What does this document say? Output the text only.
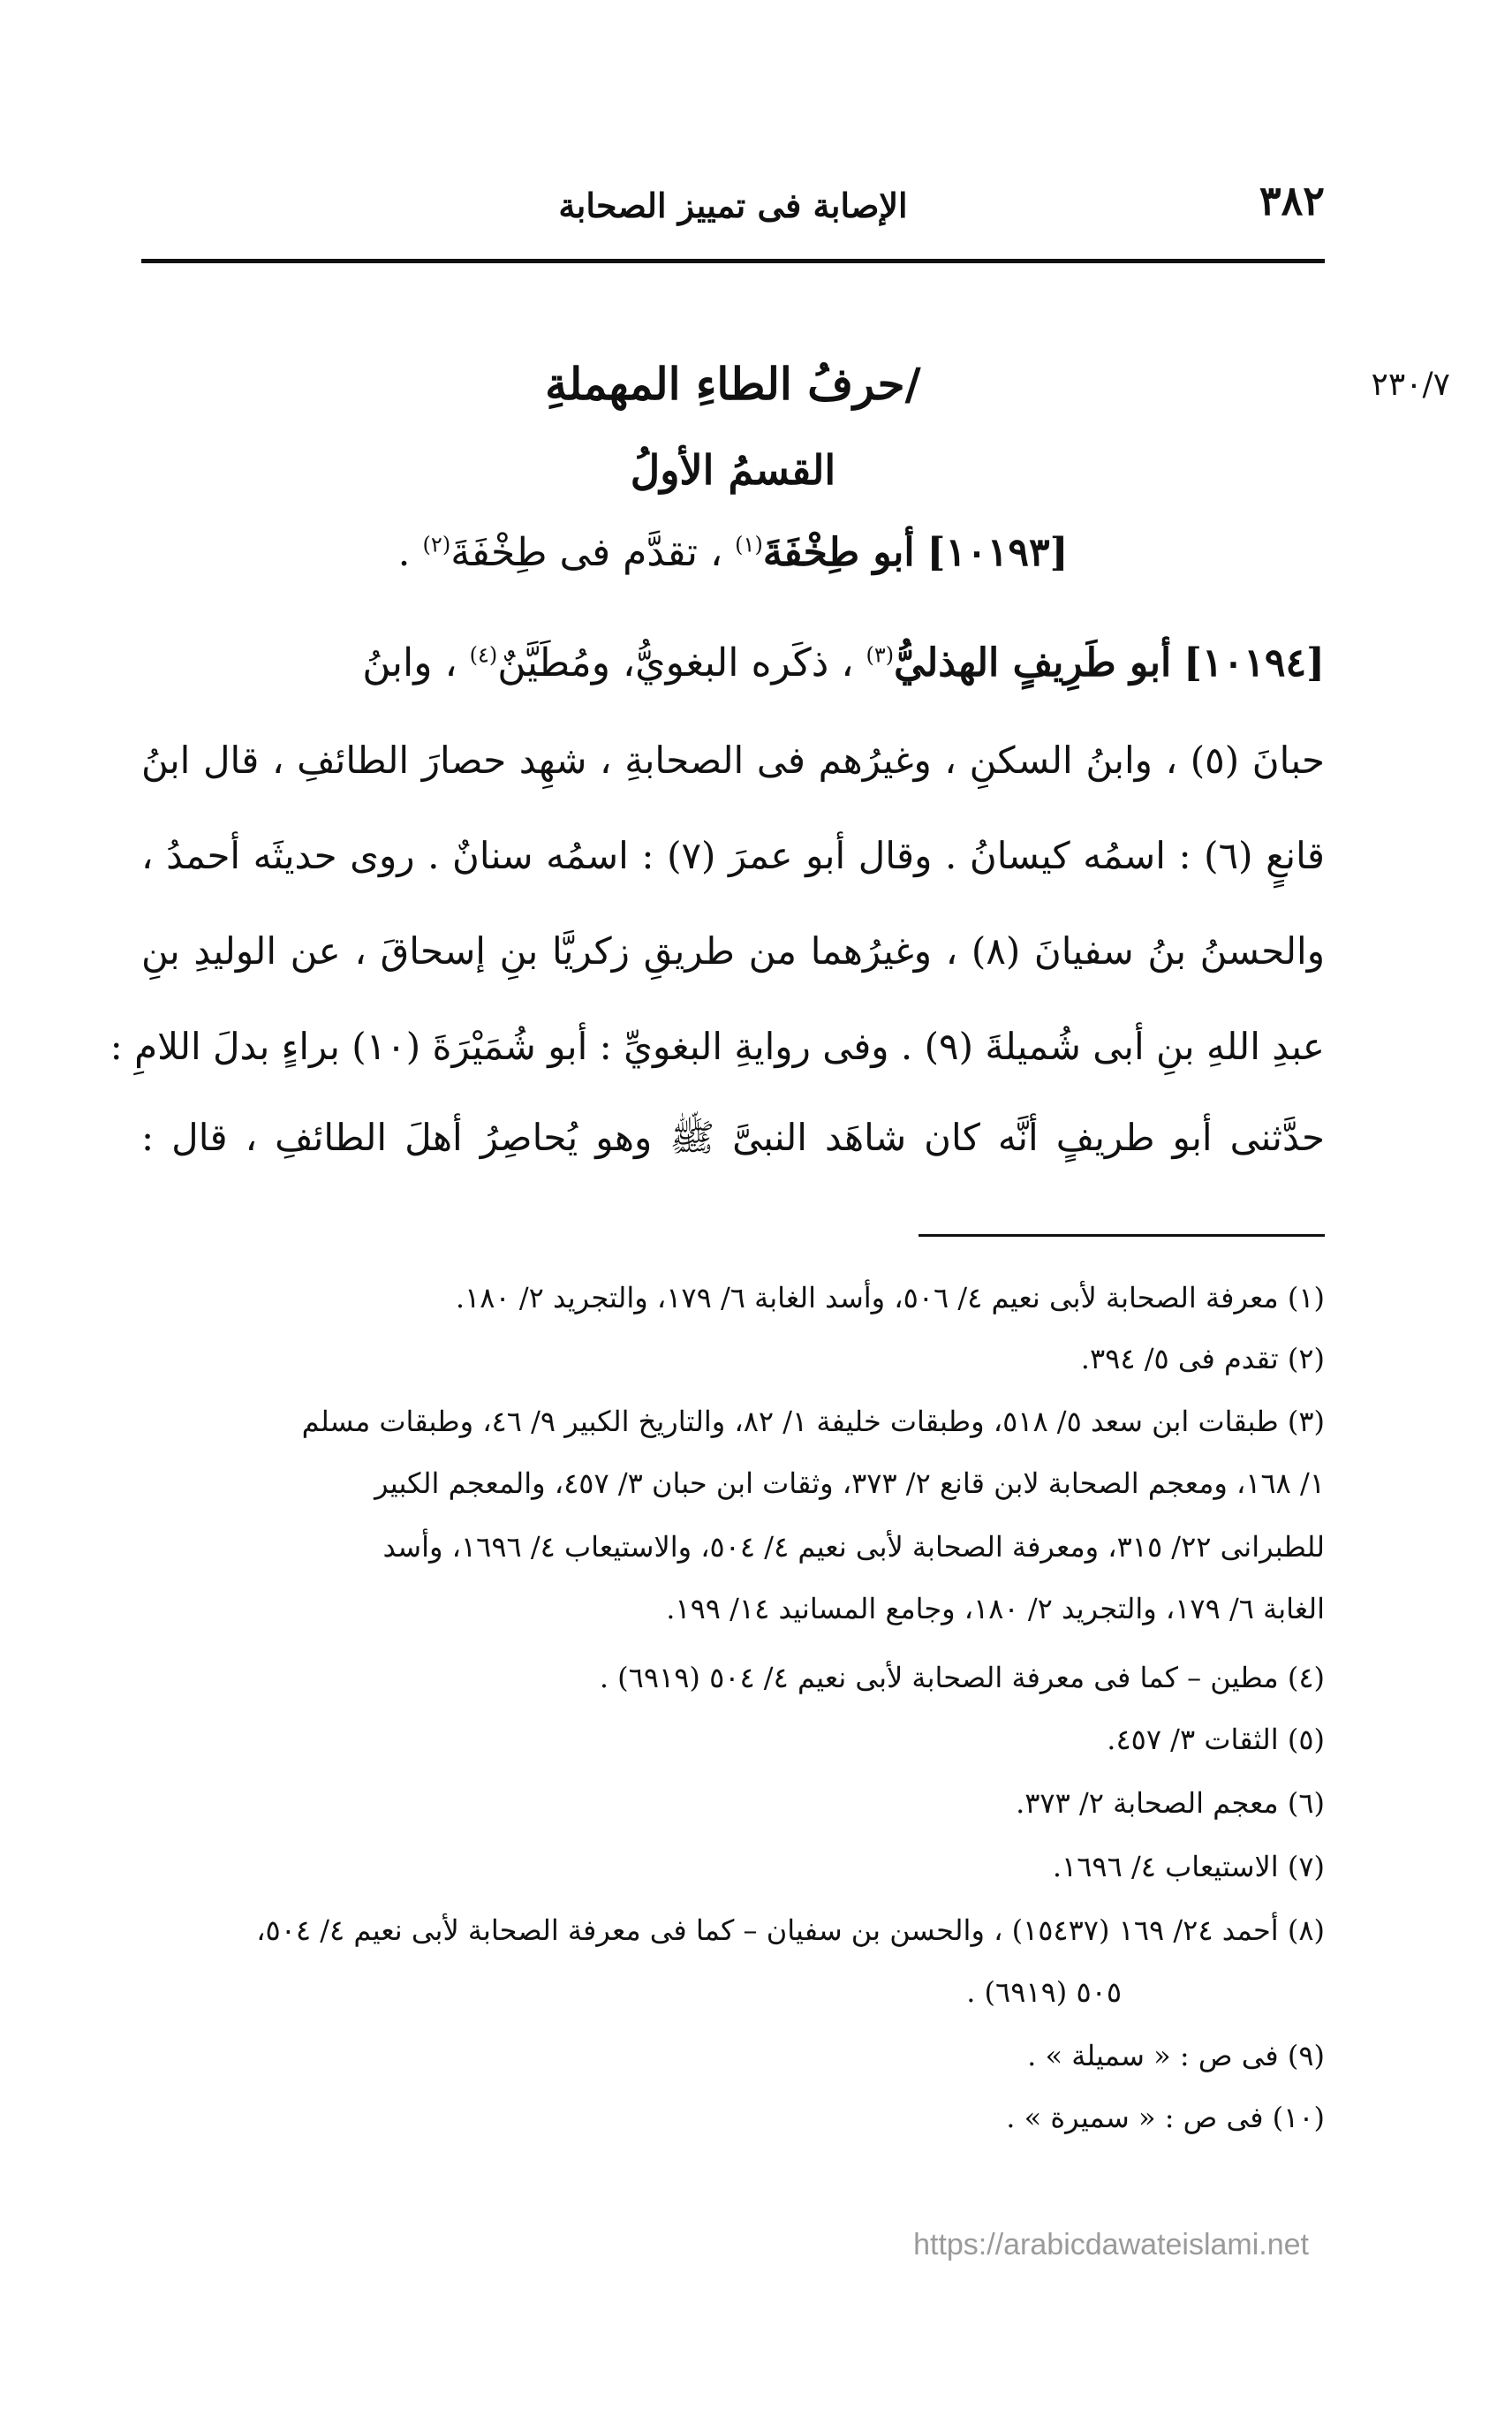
٣٨٢
الإصابة فى تمييز الصحابة
٢٣٠/٧
/حرفُ الطاءِ المهملةِ
القسمُ الأولُ
[١٠١٩٣] أبو طِخْفَةَ$^{(١)}$ ، تقدَّم فى طِخْفَةَ$^{(٢)}$ .
[١٠١٩٤] أبو طَرِيفٍ الهذليُّ$^{(٣)}$ ، ذكَره البغويُّ، ومُطَيَّنٌ$^{(٤)}$ ، وابنُ
حبانَ (٥) ، وابنُ السكنِ ، وغيرُهم فى الصحابةِ ، شهِد حصارَ الطائفِ ، قال ابنُ
قانعٍ (٦) : اسمُه كيسانُ . وقال أبو عمرَ (٧) : اسمُه سنانٌ . روى حديثَه أحمدُ ،
والحسنُ بنُ سفيانَ (٨) ، وغيرُهما من طريقِ زكريَّا بنِ إسحاقَ ، عن الوليدِ بنِ
عبدِ اللهِ بنِ أبى شُميلةَ (٩) . وفى روايةِ البغويِّ : أبو شُمَيْرَةَ (١٠) براءٍ بدلَ اللامِ :
حدَّثنى أبو طريفٍ أنَّه كان شاهَد النبىَّ ﷺ وهو يُحاصِرُ أهلَ الطائفِ ، قال :
(١) معرفة الصحابة لأبى نعيم ٤/ ٥٠٦، وأسد الغابة ٦/ ١٧٩، والتجريد ٢/ ١٨٠.
(٢) تقدم فى ٥/ ٣٩٤.
(٣) طبقات ابن سعد ٥/ ٥١٨، وطبقات خليفة ١/ ٨٢، والتاريخ الكبير ٩/ ٤٦، وطبقات مسلم
١/ ١٦٨، ومعجم الصحابة لابن قانع ٢/ ٣٧٣، وثقات ابن حبان ٣/ ٤٥٧، والمعجم الكبير
للطبرانى ٢٢/ ٣١٥، ومعرفة الصحابة لأبى نعيم ٤/ ٥٠٤، والاستيعاب ٤/ ١٦٩٦، وأسد
الغابة ٦/ ١٧٩، والتجريد ٢/ ١٨٠، وجامع المسانيد ١٤/ ١٩٩.
(٤) مطين – كما فى معرفة الصحابة لأبى نعيم ٤/ ٥٠٤ (٦٩١٩) .
(٥) الثقات ٣/ ٤٥٧.
(٦) معجم الصحابة ٢/ ٣٧٣.
(٧) الاستيعاب ٤/ ١٦٩٦.
(٨) أحمد ٢٤/ ١٦٩ (١٥٤٣٧) ، والحسن بن سفيان – كما فى معرفة الصحابة لأبى نعيم ٤/ ٥٠٤،
٥٠٥ (٦٩١٩) .
(٩) فى ص : « سميلة » .
(١٠) فى ص : « سميرة » .
https://arabicdawateislami.net
